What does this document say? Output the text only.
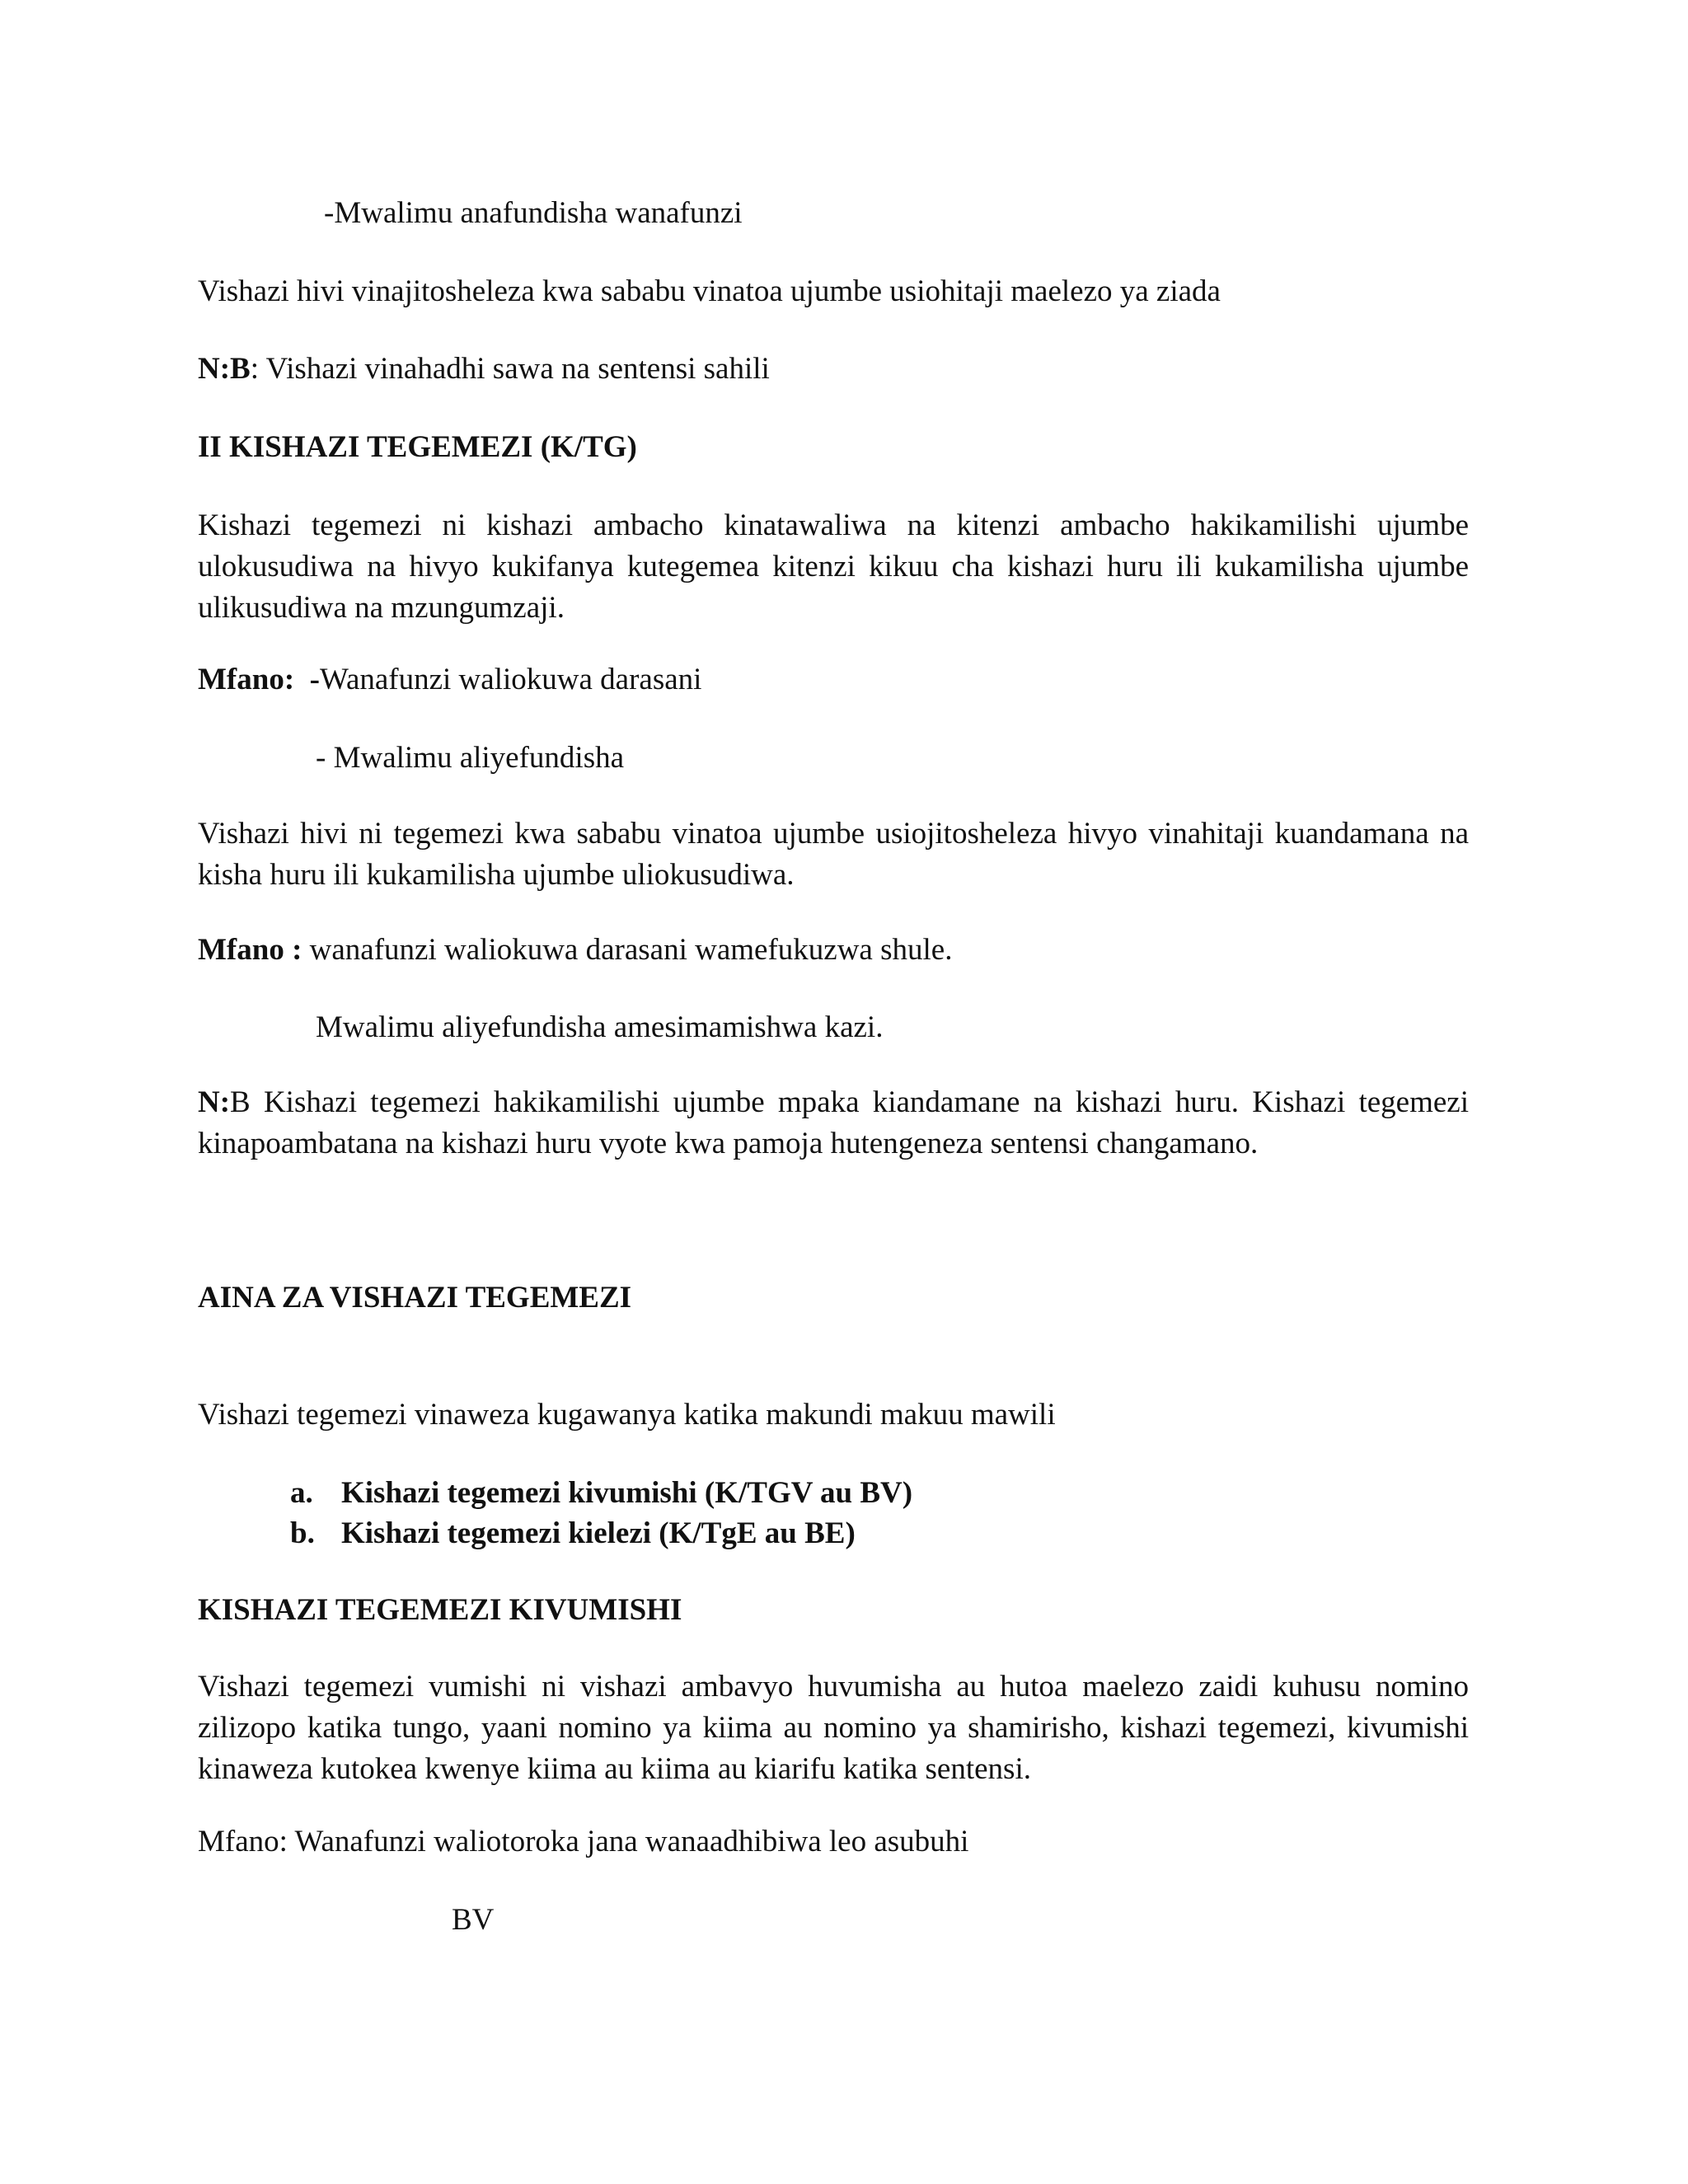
-Mwalimu anafundisha wanafunzi
Vishazi hivi vinajitosheleza kwa sababu vinatoa ujumbe usiohitaji maelezo ya ziada
N:B: Vishazi vinahadhi sawa na sentensi sahili
II KISHAZI TEGEMEZI (K/TG)
Kishazi tegemezi ni kishazi ambacho kinatawaliwa na kitenzi ambacho hakikamilishi ujumbe ulokusudiwa na hivyo kukifanya kutegemea kitenzi kikuu cha kishazi huru ili kukamilisha ujumbe ulikusudiwa na mzungumzaji.
Mfano: -Wanafunzi waliokuwa darasani
- Mwalimu aliyefundisha
Vishazi hivi ni tegemezi kwa sababu vinatoa ujumbe usiojitosheleza hivyo vinahitaji kuandamana na kisha huru ili kukamilisha ujumbe uliokusudiwa.
Mfano : wanafunzi waliokuwa darasani wamefukuzwa shule.
Mwalimu aliyefundisha amesimamishwa kazi.
N:B Kishazi tegemezi hakikamilishi ujumbe mpaka kiandamane na kishazi huru. Kishazi tegemezi kinapoambatana na kishazi huru vyote kwa pamoja hutengeneza sentensi changamano.
AINA ZA VISHAZI TEGEMEZI
Vishazi tegemezi vinaweza kugawanya katika makundi makuu mawili
a. Kishazi tegemezi kivumishi (K/TGV au BV)
b. Kishazi tegemezi kielezi (K/TgE au BE)
KISHAZI TEGEMEZI KIVUMISHI
Vishazi tegemezi vumishi ni vishazi ambavyo huvumisha au hutoa maelezo zaidi kuhusu nomino zilizopo katika tungo, yaani nomino ya kiima au nomino ya shamirisho, kishazi tegemezi, kivumishi kinaweza kutokea kwenye kiima au kiima au kiarifu katika sentensi.
Mfano: Wanafunzi waliotoroka jana wanaadhibiwa leo asubuhi
BV
